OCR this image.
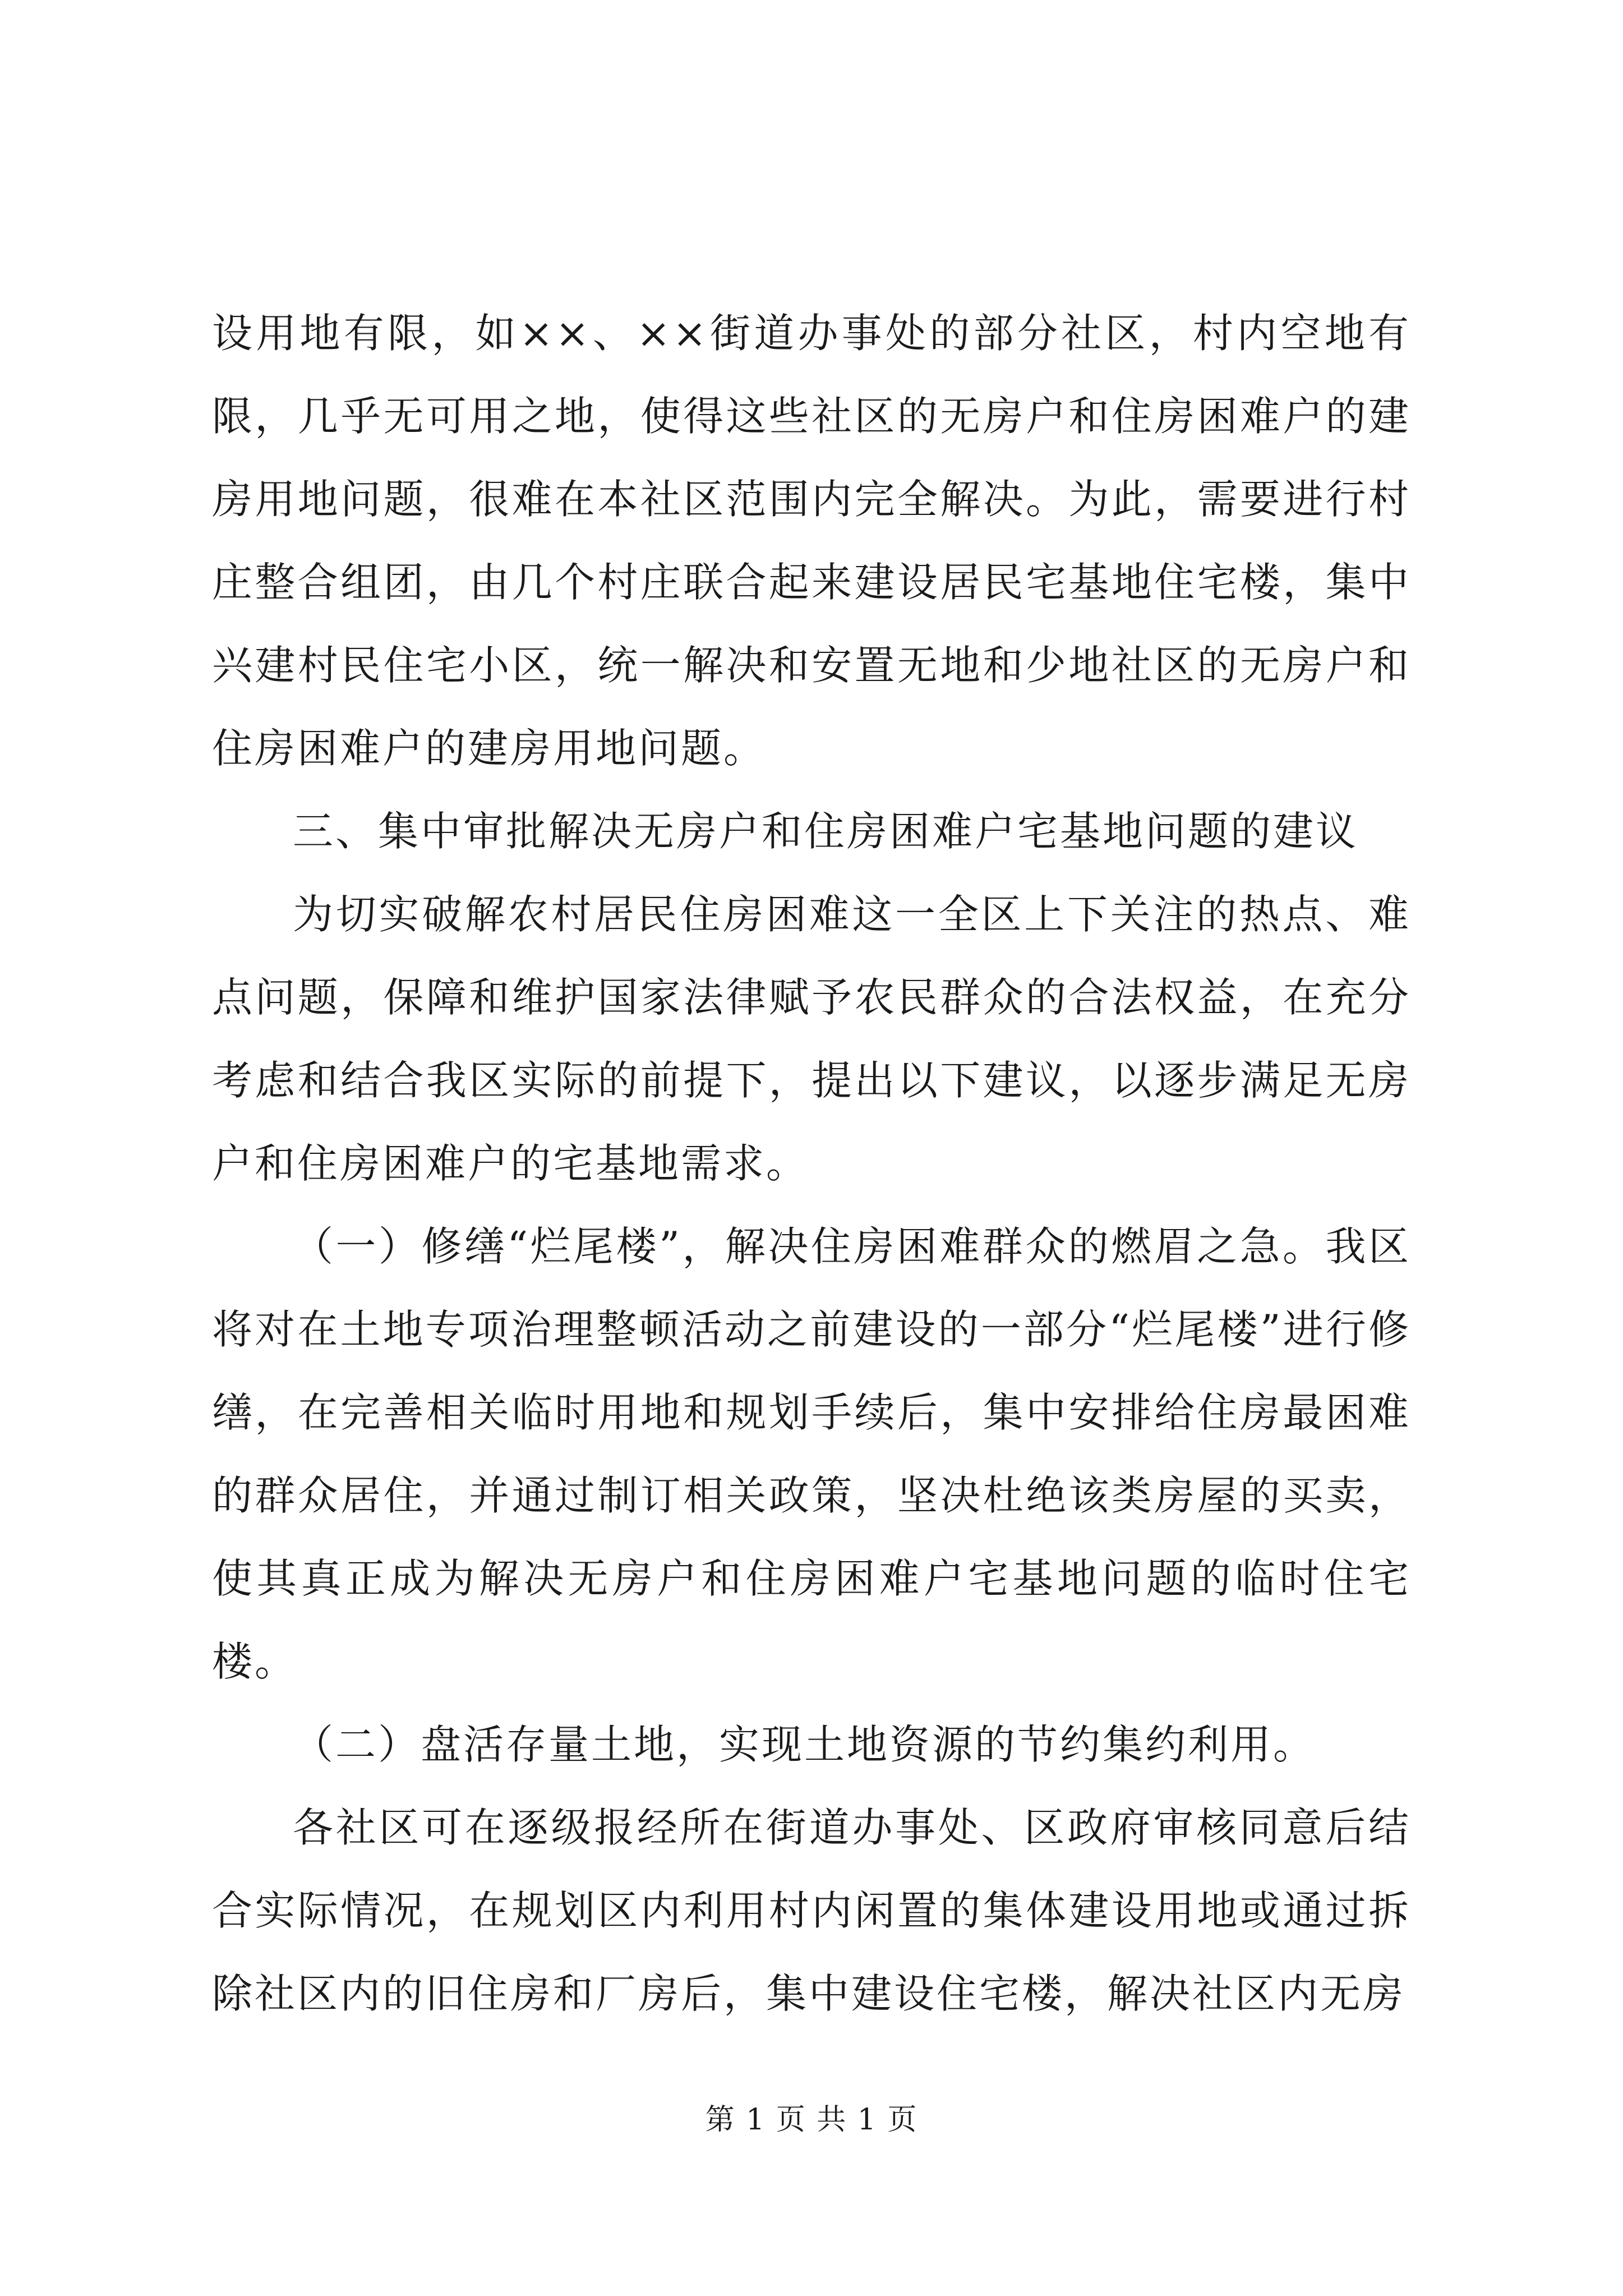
设用地有限，如××、××街道办事处的部分社区，村内空地有限，几乎无可用之地，使得这些社区的无房户和住房困难户的建房用地问题，很难在本社区范围内完全解决。为此，需要进行村庄整合组团，由几个村庄联合起来建设居民宅基地住宅楼，集中兴建村民住宅小区，统一解决和安置无地和少地社区的无房户和住房困难户的建房用地问题。

三、集中审批解决无房户和住房困难户宅基地问题的建议

为切实破解农村居民住房困难这一全区上下关注的热点、难点问题，保障和维护国家法律赋予农民群众的合法权益，在充分考虑和结合我区实际的前提下，提出以下建议，以逐步满足无房户和住房困难户的宅基地需求。

（一）修缮“烂尾楼”，解决住房困难群众的燃眉之急。我区将对在土地专项治理整顿活动之前建设的一部分“烂尾楼”进行修缮，在完善相关临时用地和规划手续后，集中安排给住房最困难的群众居住，并通过制订相关政策，坚决杜绝该类房屋的买卖，使其真正成为解决无房户和住房困难户宅基地问题的临时住宅楼。

（二）盘活存量土地，实现土地资源的节约集约利用。

各社区可在逐级报经所在街道办事处、区政府审核同意后结合实际情况，在规划区内利用村内闲置的集体建设用地或通过拆除社区内的旧住房和厂房后，集中建设住宅楼，解决社区内无房

第 1 页 共 1 页
